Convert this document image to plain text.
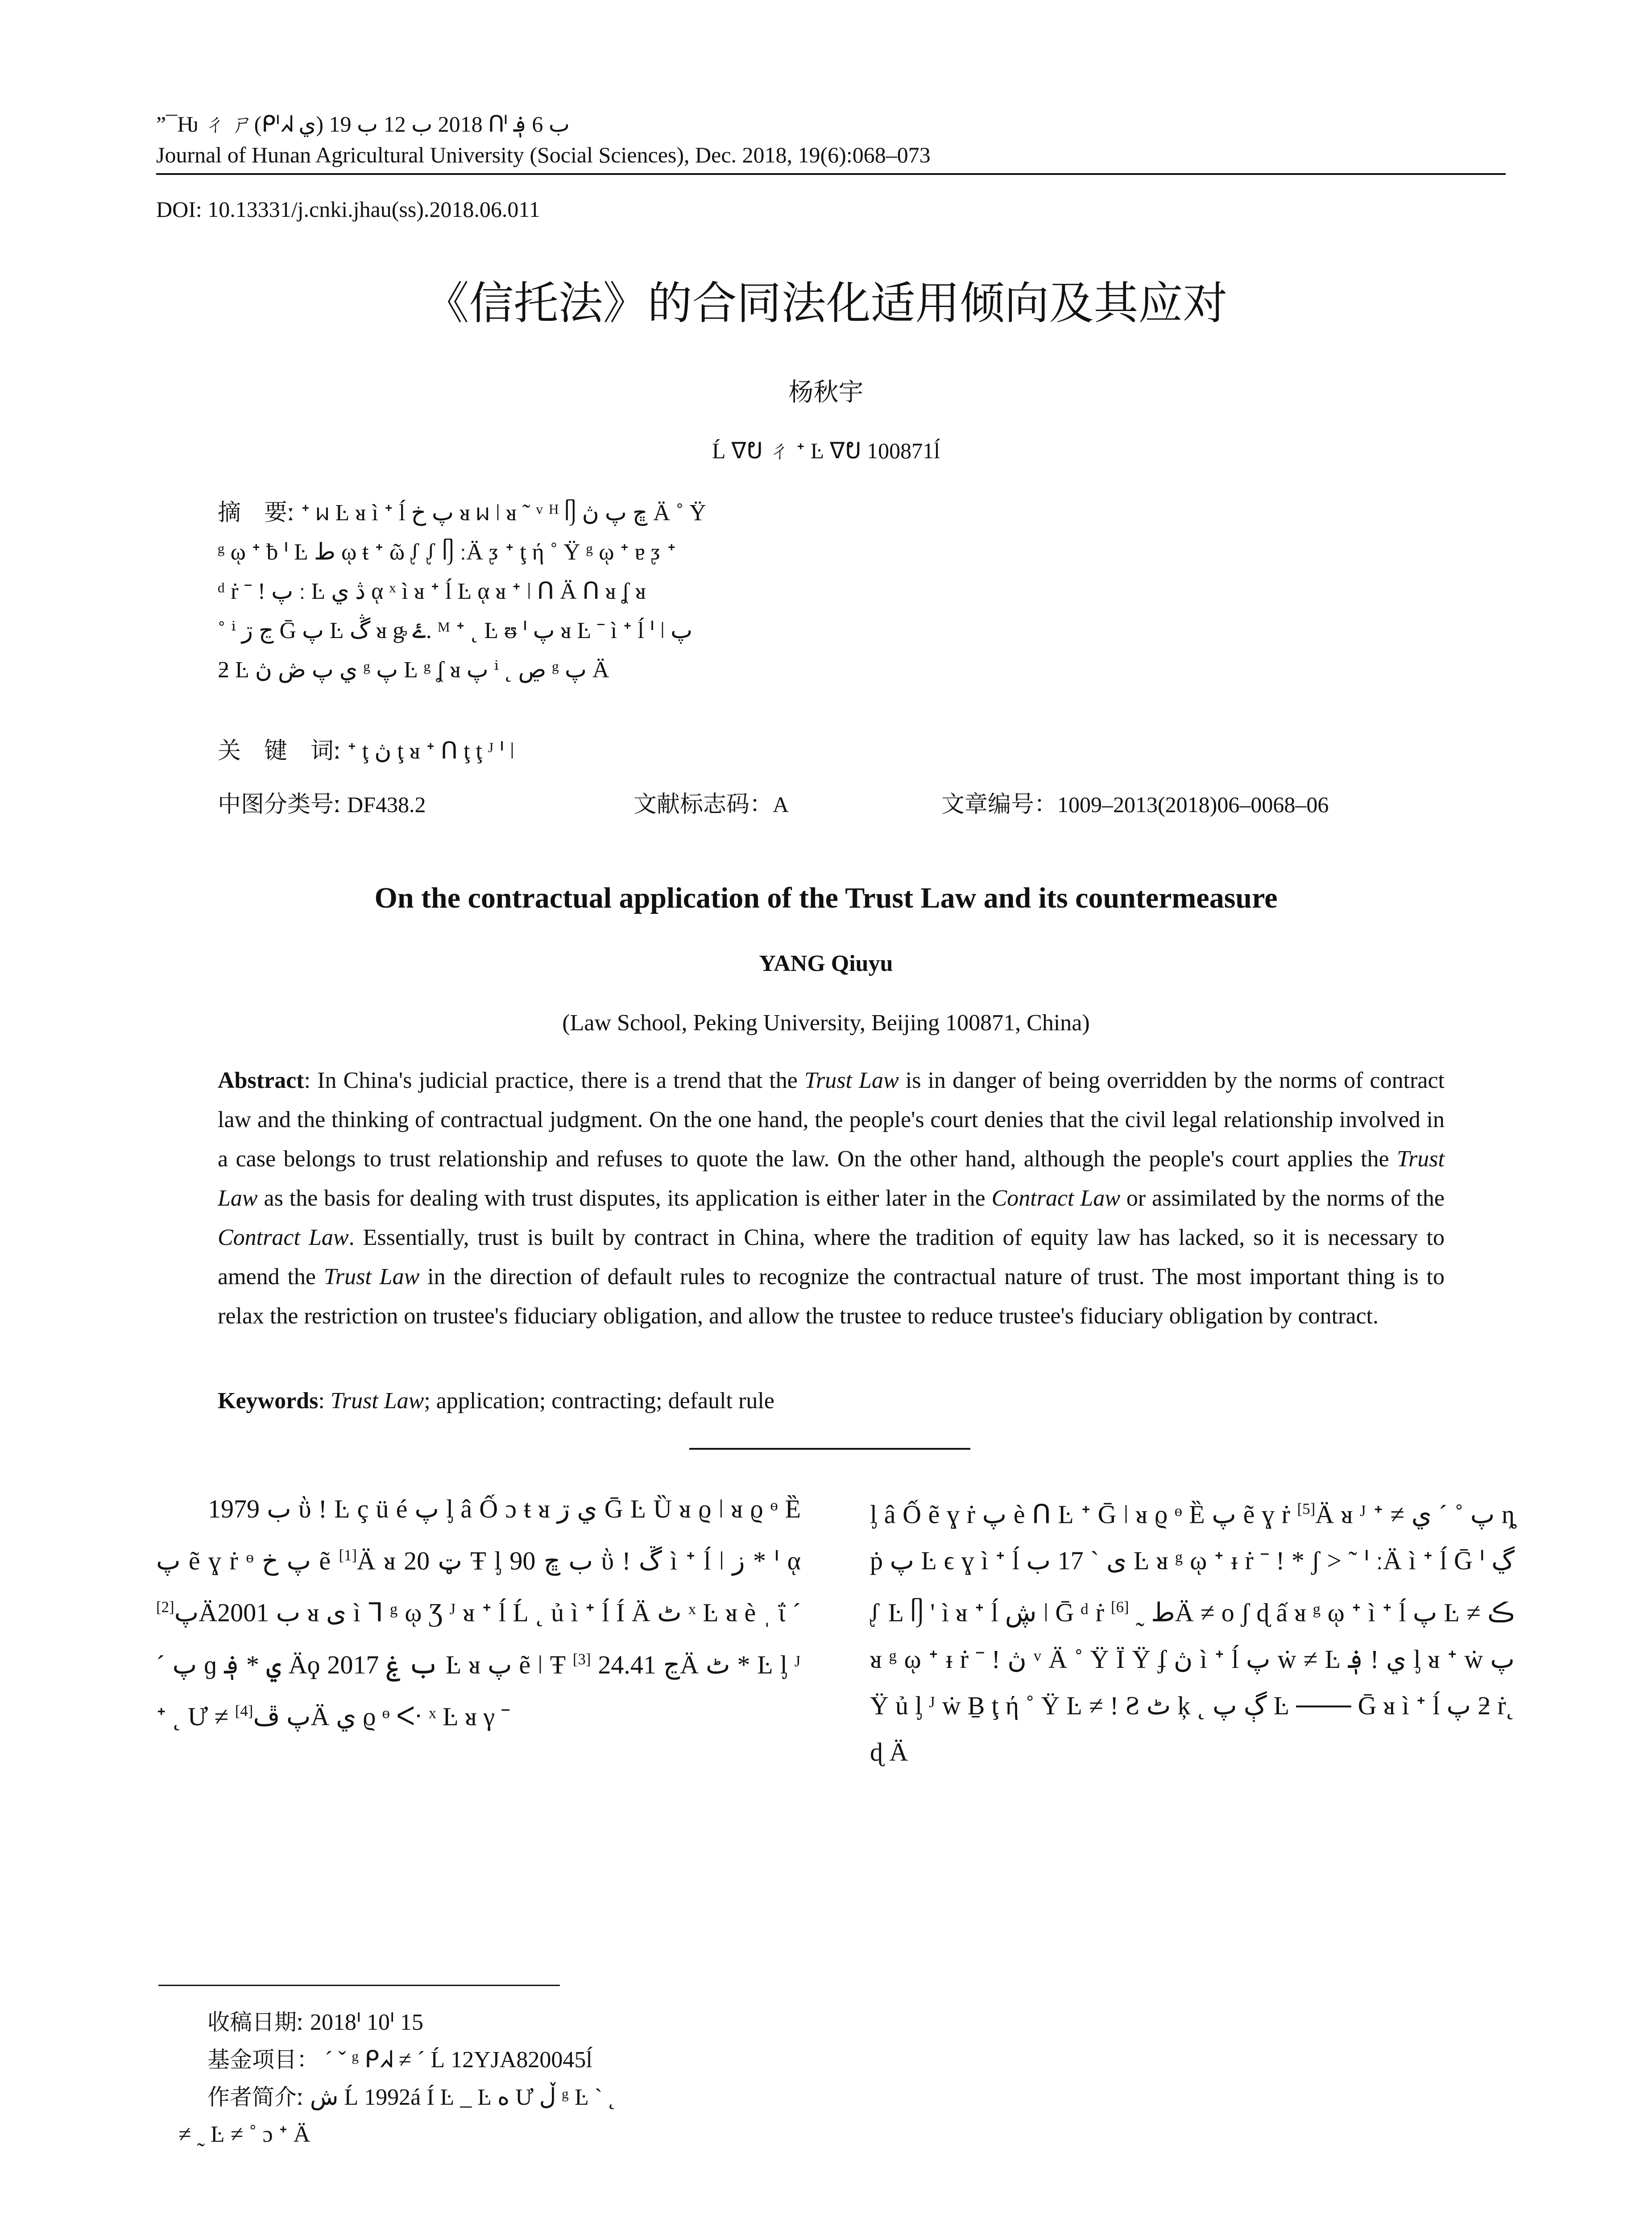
”¯Ƕ ㄔ ㄕ(ᑭᑊᖽ ي) 2018 ب 12 ب 19 ᑨ ب 6 ؋
Journal of Hunan Agricultural University (Social Sciences), Dec. 2018, 19(6):068–073
DOI: 10.13331/j.cnki.jhau(ss).2018.06.011
《信托法》的合同法化适用倾向及其应对
杨秋宇
Ĺ ᐁᕞ ㄔ ᐩ Ŀ ᐁᕞ 100871ĺ
摘　要ː ᐩ ᥕ Ŀ ᴚ ì ᐩ ĺ پ خ ᴚ ᥕ ǀ ᴚ ˜ ᵛ ᴴ ᥦ ڇ پ ڽ Ä ˚ Ÿ
ᵍ ῳ ᐩ ƀ ᑊ Ŀ ط ῳ ŧ ᐩ ῶ ᶘ ᶘ ᥦ ːÄ ᶚ ᐩ ţ ή ˚ Ÿ ᵍ ῳ ᐩ ɐ ᶚ ᐩ
ᵈ ṙ ˉ ǃ پ ː Ŀ ڎ ي ᾳ ˣ ì ᴚ ᐩ ĺ Ŀ ᾳ ᴚ ᐩ ǀ ᑎ Ä ᑎ ᴚ ʆ ᴚ
˚ ⁱ ڃ ڗ Ḡ پ Ŀ ڴ ᴚ ᶃ ۓ. ᴹ ᐩ ˛ Ŀ ᵿ ᑊ پ ᴚ Ŀ ˉ ì ᐩ ĺ ᑊ ǀ پ
ƻ Ŀ ي پ ڞ ڽ ᵍ پ Ŀ ᵍ ʆ ᴚ پ ⁱ ˛ ڝ ᵍ پ Ä
关　键　词ː ᐩ ţ ڽ ţ ᴚ ᐩ ᑎ ţ ţ ᴶ ᑊ ǀ
中图分类号ː DF438.2	文献标志码：A	文章编号：1009–2013(2018)06–0068–06
On the contractual application of the Trust Law and its countermeasure
YANG Qiuyu
(Law School, Peking University, Beijing 100871, China)
Abstract: In China's judicial practice, there is a trend that the Trust Law is in danger of being overridden by the norms of contract law and the thinking of contractual judgment. On the one hand, the people's court denies that the civil legal relationship involved in a case belongs to trust relationship and refuses to quote the law. On the other hand, although the people's court applies the Trust Law as the basis for dealing with trust disputes, its application is either later in the Contract Law or assimilated by the norms of the Contract Law. Essentially, trust is built by contract in China, where the tradition of equity law has lacked, so it is necessary to amend the Trust Law in the direction of default rules to recognize the contractual nature of trust. The most important thing is to relax the restriction on trustee's fiduciary obligation, and allow the trustee to reduce trustee's fiduciary obligation by contract.
Keywords: Trust Law; application; contracting; default rule

1979 ب ῢ ǃ Ŀ ç ü é پ ᶅ â Ố ɔ ŧ ᴚ ي ڗ Ḡ Ŀ Ȕ ᴚ ϱ ǀ ᴚ ϱ ᶱ Ȅ پ ẽ ɣ ṙ ᶱ پ خ ẽ [1]Ä ᴚ ټ 20 Ŧ ᶅ 90 ب ڇ ῢ ǃ ڱ ì ᐩ ĺ ǀ ز * ᑊ ᾳ پ[2] Ä2001 ب ᴚ ى ì ᒣ ᵍ ῳ Ʒ ᴶ ᴚ ᐩ ĺ Ĺ ˛ ủ ì ᐩ ĺ Í Ä ٹ ˣ Ŀ ᴚ è ˌ ΐ ˊ ˊ پ ɡ ي * ؋ Äϙ 2017 ب ۼ Ŀ ᴚ پ ẽ ǀ Ŧ ڃ 24.41 [3]	Ä ٹ * Ŀ ᶅ ᴶ ᐩ ˛ Ư ≠ پ ڦ[4] Ä ي ϱ ᶱ ᑅ ˣ Ŀ ᴚ γ ˉ

ᶅ â Ố ẽ ɣ ṙ پ è ᑎ Ŀ ᐩ Ḡ ǀ ᴚ ϱ ᶱ Ȅ پ ẽ ɣ ṙ [5]Ä ᴚ ᴶ ᐩ ≠ پ ˚ ˊ ي ȵ ṗ پ Ŀ ϵ ɣ ì ᐩ ĺ ی ˋ 17 ب Ŀ ᴚ ᵍ ῳ ᐩ ᵻ ṙ ˉ ǃ * ʃ > ˜ ᑊ ːÄ ì ᐩ ĺ Ḡ ᑊ ڲ ᶘ Ŀ ᥦ ' ì ᴚ ᐩ ĺ ڜ ǀ Ḡ ᵈ ṙ ط ˷ [6] Ä ≠ o ʃ ɖ ấ ᴚ ᵍ ῳ ᐩ ì ᐩ ĺ پ Ŀ ≠ ڪ ᴚ ᵍ ῳ ᐩ ᵻ ṙ ˉ ǃ ڽ ᵛ Ä ˚ Ÿ Ï Ÿ ʄ ڽ ì ᐩ ĺ پ ẇ ≠ Ŀ ؋ ǃ ي ᶅ ᴚ ᐩ ẇ پ Ÿ ủ ᶅ ᴶ ẇ Ḇ ţ ή ˚ Ÿ Ŀ ≠ ǃ Ƨ ٹ ķ ˛ ڳ پ Ŀ ─── Ḡ ᴚ ì ᐩ ĺ پ ƻ ṙ˛ ɖ Ä

收稿日期ː 2018ᑊ 10ᑊ 15
基金项目： ˊ ˇ ᵍ ᑭᖽ ≠ ˊ Ĺ 12YJA820045ĺ
作者简介ː ش Ĺ 1992á Í Ŀ _ Ŀ ه Ư ڵ ᵍ Ŀ ˋ ˛
≠ ˷ Ŀ ≠ ˚ ɔ ᐩ Ä
